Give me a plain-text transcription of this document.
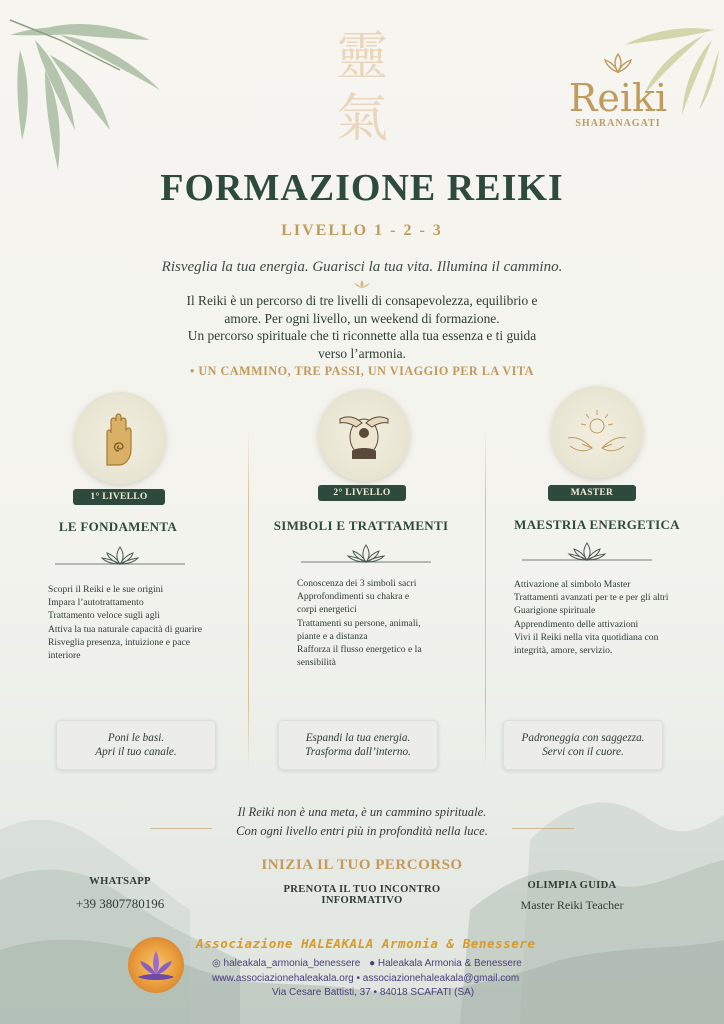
靈
氣	Reiki
SHARANAGATI
FORMAZIONE REIKI
LIVELLO 1 - 2 - 3
Risveglia la tua energia. Guarisci la tua vita. Illumina il cammino.
Il Reiki è un percorso di tre livelli di consapevolezza, equilibrio e
amore. Per ogni livello, un weekend di formazione.
Un percorso spirituale che ti riconnette alla tua essenza e ti guida
verso l’armonia.
• UN CAMMINO, TRE PASSI, UN VIAGGIO PER LA VITA
1° LIVELLO
LE FONDAMENTA
Scopri il Reiki e le sue origini
Impara l’autotrattamento
Trattamento veloce sugli agli
Attiva la tua naturale capacità di guarire
Risveglia presenza, intuizione e pace
interiore
Poni le basi.
Apri il tuo canale.
2° LIVELLO
SIMBOLI E TRATTAMENTI
Conoscenza dei 3 simboli sacri
Approfondimenti su chakra e
corpi energetici
Trattamenti su persone, animali,
piante e a distanza
Rafforza il flusso energetico e la
sensibilità
Espandi la tua energia.
Trasforma dall’interno.
MASTER
MAESTRIA ENERGETICA
Attivazione al simbolo Master
Trattamenti avanzati per te e per gli altri
Guarigione spirituale
Apprendimento delle attivazioni
Vivi il Reiki nella vita quotidiana con
integrità, amore, servizio.
Padroneggia con saggezza.
Servi con il cuore.
Il Reiki non è una meta, è un cammino spirituale.
Con ogni livello entri più in profondità nella luce.
INIZIA IL TUO PERCORSO
PRENOTA IL TUO INCONTRO
INFORMATIVO
WHATSAPP
+39 3807780196
OLIMPIA GUIDA
Master Reiki Teacher
Associazione HALEAKALA Armonia & Benessere
◎ haleakala_armonia_benessere ● Haleakala Armonia & Benessere
www.associazionehaleakala.org • associazionehaleakala@gmail.com
Via Cesare Battisti, 37 • 84018 SCAFATI (SA)
